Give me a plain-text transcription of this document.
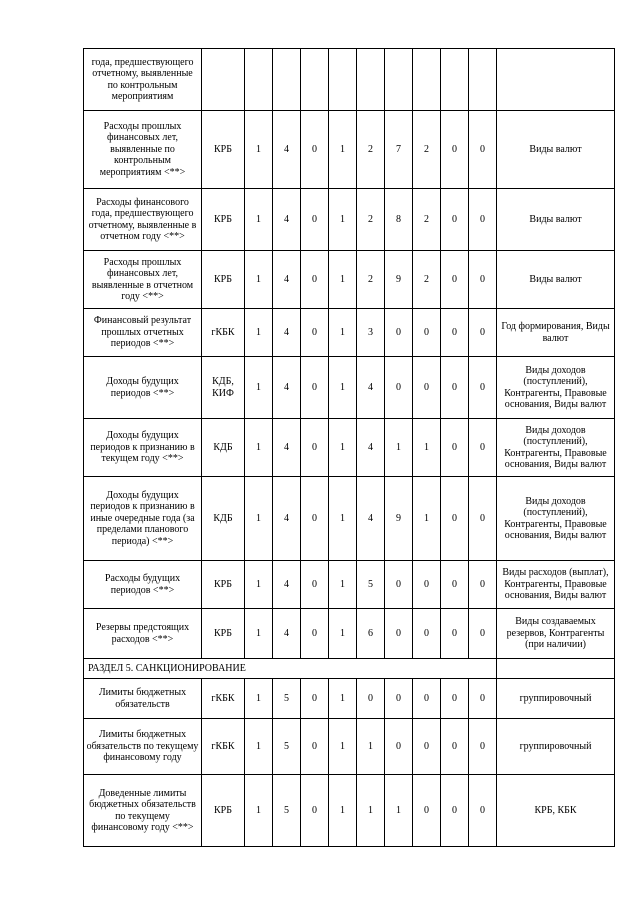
года, предшествующего отчетному, выявленные по контрольным мероприятиям											
Расходы прошлых финансовых лет, выявленные по контрольным мероприятиям <**>	КРБ	1	4	0	1	2	7	2	0	0	Виды валют
Расходы финансового года, предшествующего отчетному, выявленные в отчетном году <**>	КРБ	1	4	0	1	2	8	2	0	0	Виды валют
Расходы прошлых финансовых лет, выявленные в отчетном году <**>	КРБ	1	4	0	1	2	9	2	0	0	Виды валют
Финансовый результат прошлых отчетных периодов <**>	гКБК	1	4	0	1	3	0	0	0	0	Год формирования, Виды валют
Доходы будущих периодов <**>	КДБ, КИФ	1	4	0	1	4	0	0	0	0	Виды доходов (поступлений), Контрагенты, Правовые основания, Виды валют
Доходы будущих периодов к признанию в текущем году <**>	КДБ	1	4	0	1	4	1	1	0	0	Виды доходов (поступлений), Контрагенты, Правовые основания, Виды валют
Доходы будущих периодов к признанию в иные очередные года (за пределами планового периода) <**>	КДБ	1	4	0	1	4	9	1	0	0	Виды доходов (поступлений), Контрагенты, Правовые основания, Виды валют
Расходы будущих периодов <**>	КРБ	1	4	0	1	5	0	0	0	0	Виды расходов (выплат), Контрагенты, Правовые основания, Виды валют
Резервы предстоящих расходов <**>	КРБ	1	4	0	1	6	0	0	0	0	Виды создаваемых резервов, Контрагенты (при наличии)
РАЗДЕЛ 5. САНКЦИОНИРОВАНИЕ											
Лимиты бюджетных обязательств	гКБК	1	5	0	1	0	0	0	0	0	группировочный
Лимиты бюджетных обязательств по текущему финансовому году	гКБК	1	5	0	1	1	0	0	0	0	группировочный
Доведенные лимиты бюджетных обязательств по текущему финансовому году <**>	КРБ	1	5	0	1	1	1	0	0	0	КРБ, КБК
